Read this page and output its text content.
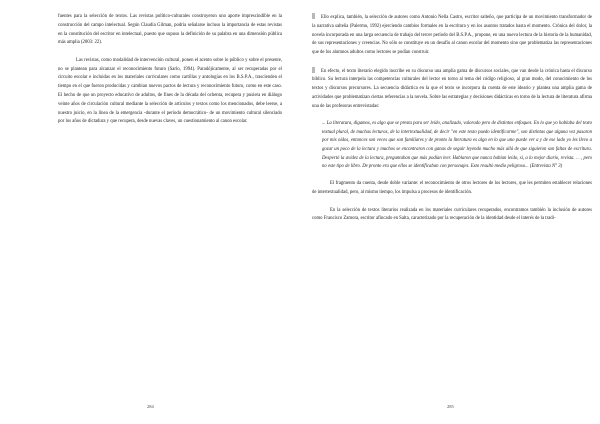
fuentes para la selección de textos. Las revistas político-culturales construyeron uno aportе imprescindible en la construcción del campo intelectual. Según Claudia Gilman, podría señalarse incluso la importancia de estas revistas en la constitución del escritor en intelectual, puesto que supuso la definición de su palabra en una dimensión pública más amplia (2003: 22).

Las revistas, como modalidad de intervención cultural, ponen el acento sobre lo público y sobre el presente, no se plantean para alcanzar el reconocimiento futuro (Sarlo, 1994). Paradójicamente, al ser recuperadas por el circuito escolar e incluidas en los materiales curriculares como cartillas y antologías en los B.S.P.A., trascienden el tiempo en el que fueron producidas y cambian nuevos pactos de lectura y reconocimiento futuro, como en este caso. El hecho de que un proyecto educativo de adultos, de fines de la década del ochenta, recupera y pusiera en diálogo veinte años de circulación cultural mediante la selección de artículos y textos como los mencionados, debe leerse, a nuestro juicio, en la línea de la emergencia -durante el período democrático- de un movimiento cultural silenciado por los años de dictadura y que recupera, desde nuevas claves, un cuestionamiento al canon escolar.

284

Ello explica, también, la selección de autores como Antonio Nella Castro, escritor salteño, que participa de un movimiento transformador de la narrativa salteña (Palermo, 1992) ejerciendo cambios formales en la escritura y en los asuntos tratados hasta el momento. Crónica del dolor, la novela incorporada en una larga secuencia de trabajo del tercer período del B.S.P.A., propone, en una nueva lectura de la historia de la humanidad, de sus representaciones y creencias. No sólo se constituye en un desafío al canon escolar del momento sino que problematiza las representaciones que de los alumnos adultos como lectores se podían construir.

En efecto, el texto literario elegido inscribe en su discurso una amplia gama de discursos sociales, que van desde la crónica hasta el discurso bíblico. Su lectura interpela las competencias culturales del lector en torno al tema del código religioso, al gran modo, del conocimiento de los textos y discursos precursores. La secuencia didáctica en la que el texto se incorpora da cuenta de este ideario y plantea una amplia gama de actividades que problematizan ciertas referencias a la novela. Sobre las estrategias y decisiones didácticas en torno de la lectura de literatura afirma una de las profesoras entrevistadas:

... La literatura, digamos, es algo que se presta para ser leído, analizado, valorado pero de distintos enfoques. En lo que yo hablaba del texto textual plural, de muchas lecturas, de la intertextualidad, de decir "en este texto puedo identificarme", son distintas que alguna vez pasaron por mis oídos, entonces son veces que son familiares y de pronto la literatura es algo en lo que uno puede ver a y de ese lado yo les llevo a gozar un poco de la lectura y muchos se encontraron con ganas de seguir leyendo mucho más allá de que siguieron son faltas de escritura. Despertó la avidez de la lectura, preguntaban que más podían leer. Hablaron que nunca habían leído, si, a lo mejor diario, revista. . . , pero no este tipo de libro. De pronto era que ellos se identificaban con personajes. Esto resultó medio peligroso... (Entrevista N° 3)

El fragmento da cuenta, desde doble variante: el reconocimiento de otros lectores de los lectores, que les permiten establecer relaciones de intertextualidad, pero, al mismo tiempo, los impulsa a procesos de identificación.

En la selección de textos literarios realizada en los materiales curriculares recuperados, encontramos también la inclusión de autores como Francisco Zamora, escritor afincado en Salta, caracterizado por la recuperación de la identidad desde el interés de la tradi-

285
